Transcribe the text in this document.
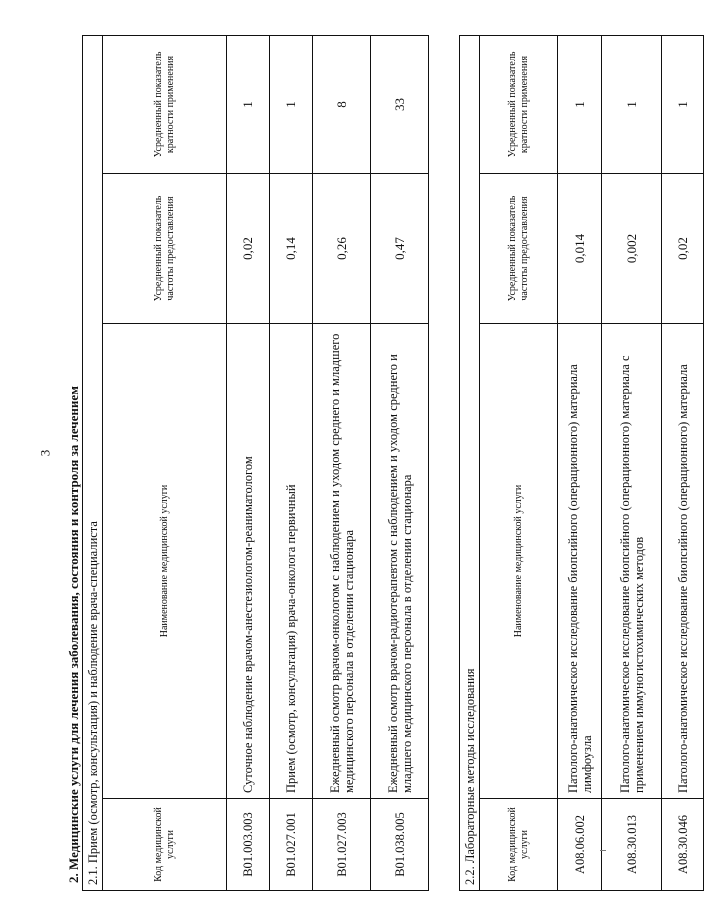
3 2. Медицинские услуги для лечения заболевания, состояния и контроля за лечением 2.1. Прием (осмотр, консультация) и наблюдение врача-специалиста			
Код медицинской услуги	Наименование медицинской услуги	Усредненный показатель частоты предоставления	Усредненный показатель кратности применения
B01.003.003	Суточное наблюдение врачом-анестезиологом-реаниматологом	0,02	1
B01.027.001	Прием (осмотр, консультация) врача-онколога первичный	0,14	1
B01.027.003	Ежедневный осмотр врачом-онкологом с наблюдением и уходом среднего и младшего медицинского персонала в отделении стационара	0,26	8
B01.038.005	Ежедневный осмотр врачом-радиотерапевтом с наблюдением и уходом среднего и младшего медицинского персонала в отделении стационара	0,47	33
2.2. Лабораторные методы исследования			
Код медицинской услуги	Наименование медицинской услуги	Усредненный показатель частоты предоставления	Усредненный показатель кратности применения
A08.06.002	Патолого-анатомическое исследование биопсийного (операционного) материала лимфоузла	0,014	1
A08.30.013	Патолого-анатомическое исследование биопсийного (операционного) материала с применением иммуногистохимических методов	0,002	1
A08.30.046	Патолого-анатомическое исследование биопсийного (операционного) материала	0,02	1
